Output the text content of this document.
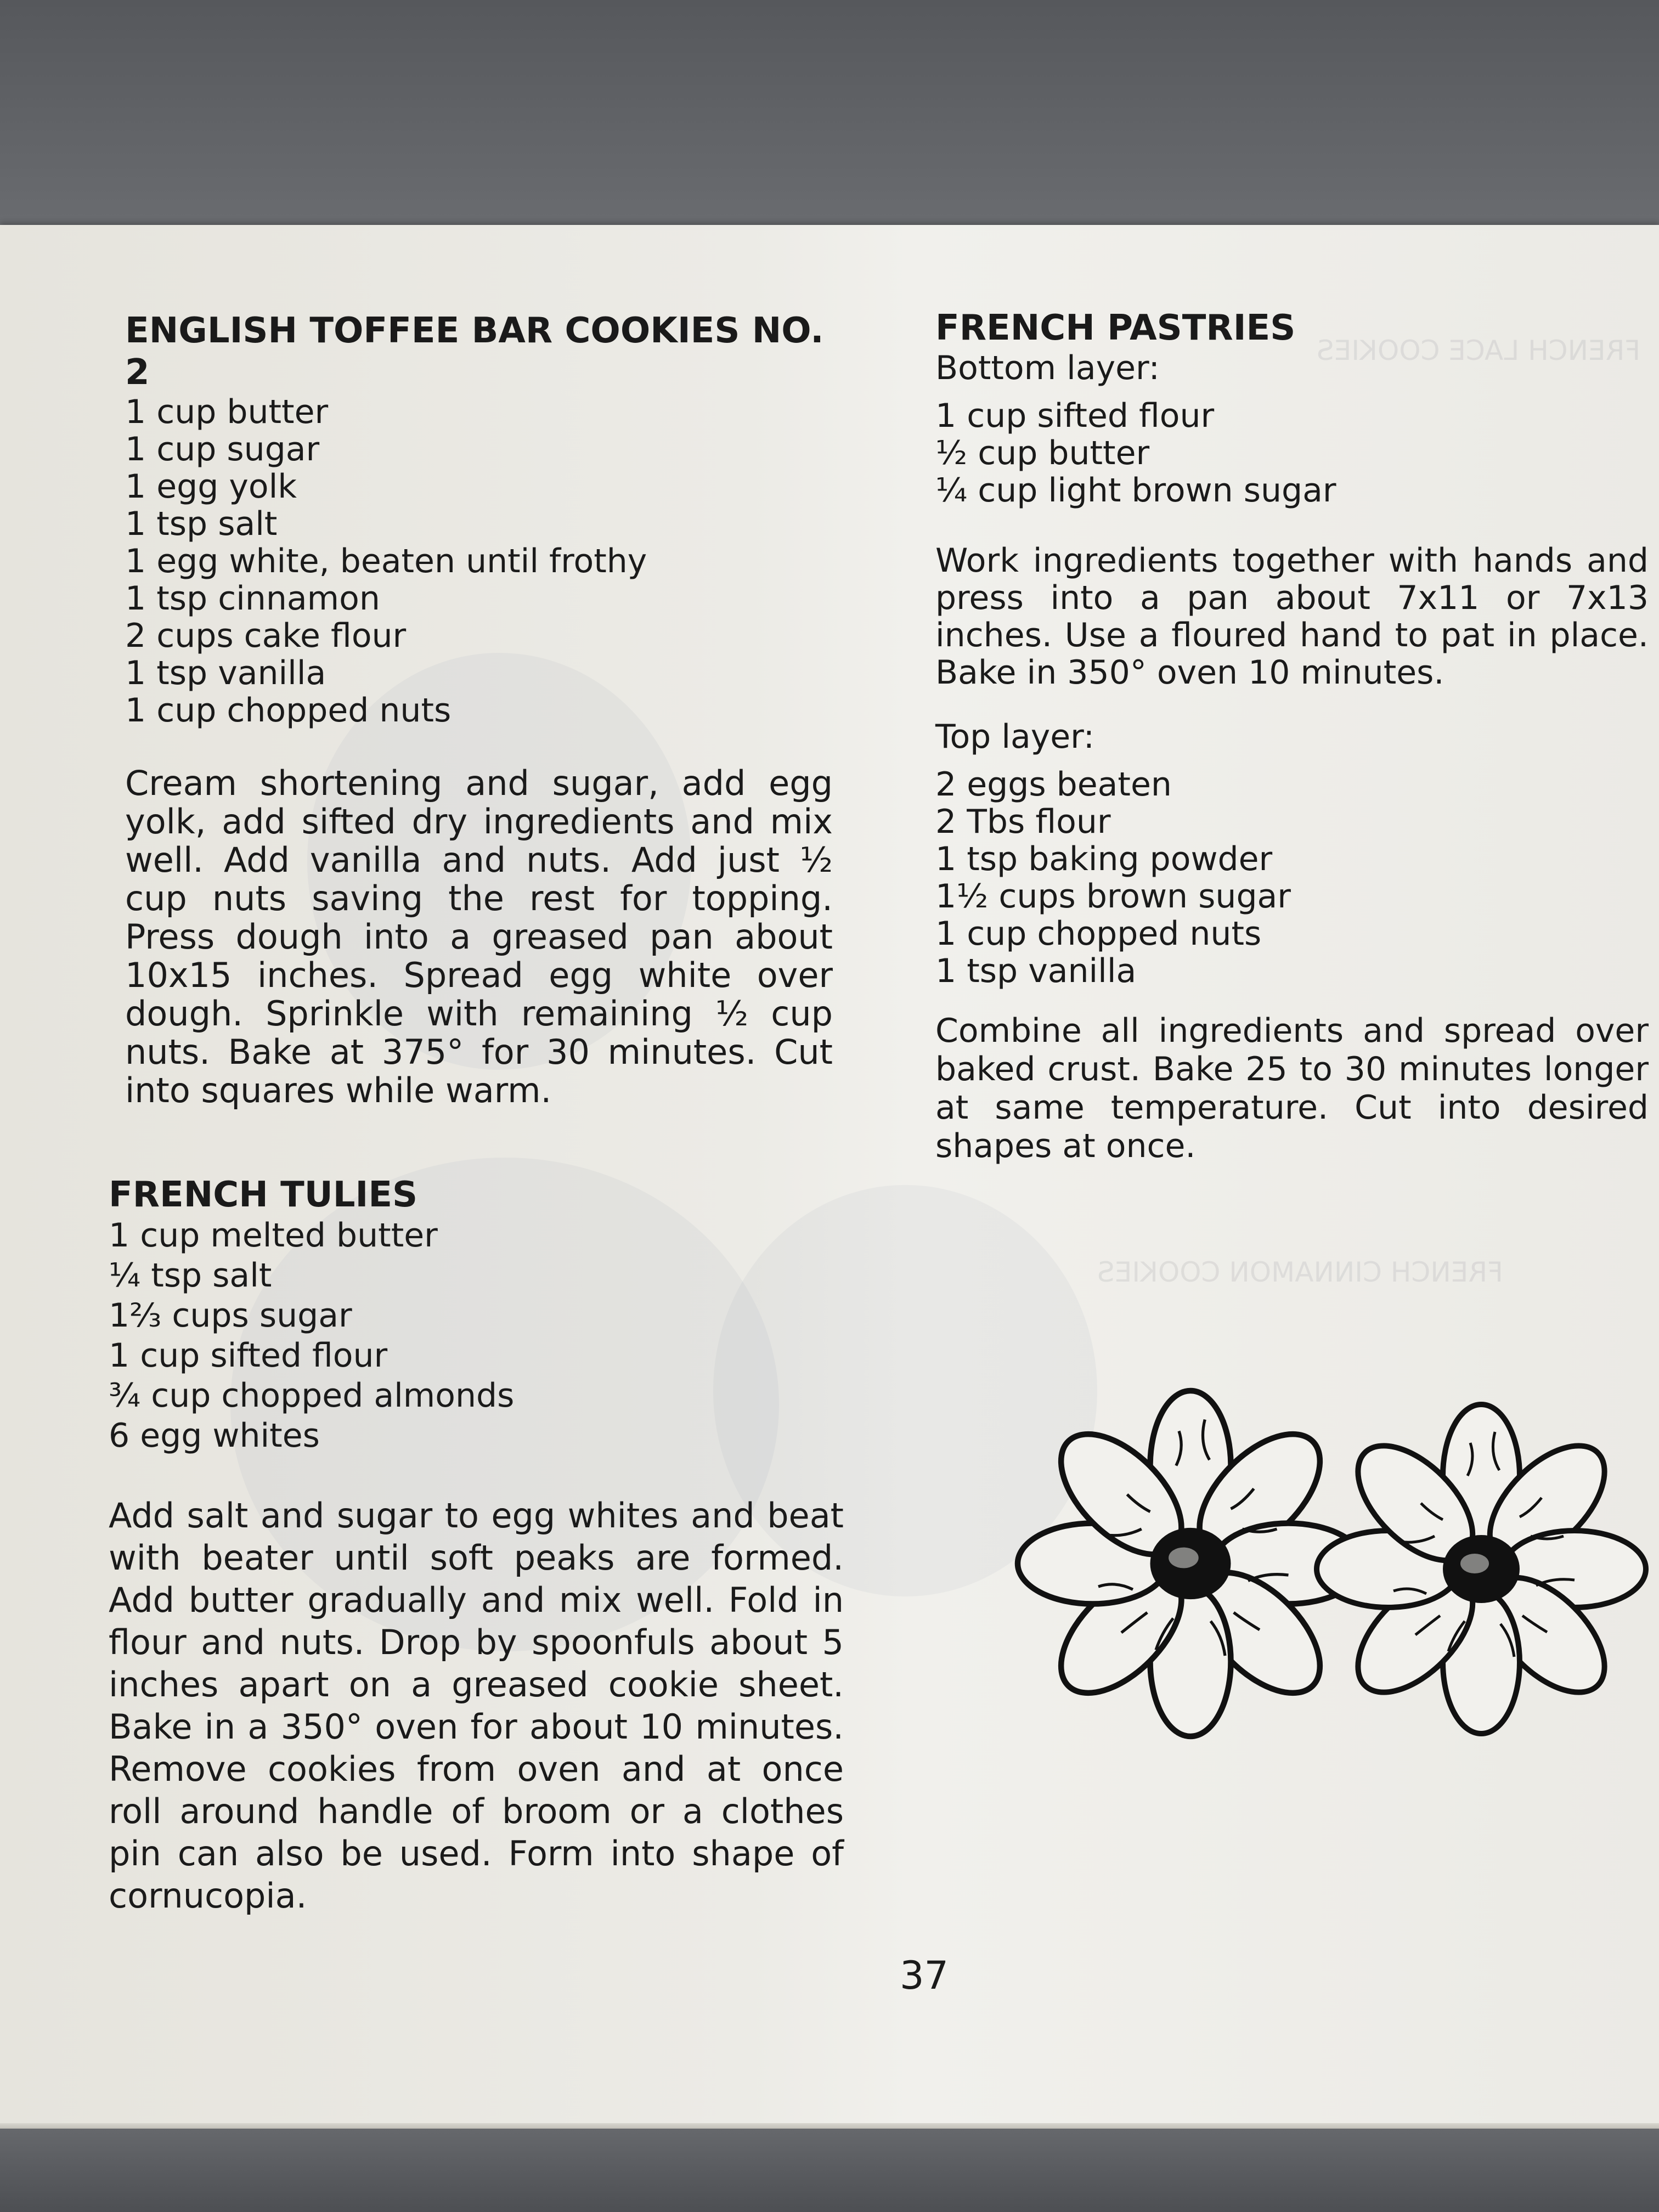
FRENCH LACE COOKIES
FRENCH CINNAMON COOKIES
ENGLISH TOFFEE BAR COOKIES NO. 2
1 cup butter
1 cup sugar
1 egg yolk
1 tsp salt
1 egg white, beaten until frothy
1 tsp cinnamon
2 cups cake flour
1 tsp vanilla
1 cup chopped nuts

Cream shortening and sugar, add egg yolk, add sifted dry ingredients and mix well. Add vanilla and nuts. Add just ½ cup nuts saving the rest for topping. Press dough into a greased pan about 10x15 inches. Spread egg white over dough. Sprinkle with remaining ½ cup nuts. Bake at 375° for 30 minutes. Cut into squares while warm.

FRENCH TULIES
1 cup melted butter
¼ tsp salt
1⅔ cups sugar
1 cup sifted flour
¾ cup chopped almonds
6 egg whites

Add salt and sugar to egg whites and beat with beater until soft peaks are formed. Add butter gradually and mix well. Fold in flour and nuts. Drop by spoonfuls about 5 inches apart on a greased cookie sheet. Bake in a 350° oven for about 10 minutes. Remove cookies from oven and at once roll around handle of broom or a clothes pin can also be used. Form into shape of cornucopia.

FRENCH PASTRIES

Bottom layer:

1 cup sifted flour
½ cup butter
¼ cup light brown sugar

Work ingredients together with hands and press into a pan about 7x11 or 7x13 inches. Use a floured hand to pat in place. Bake in 350° oven 10 minutes.

Top layer:

2 eggs beaten
2 Tbs flour
1 tsp baking powder
1½ cups brown sugar
1 cup chopped nuts
1 tsp vanilla

Combine all ingredients and spread over baked crust. Bake 25 to 30 minutes longer at same temperature. Cut into desired shapes at once.

37
